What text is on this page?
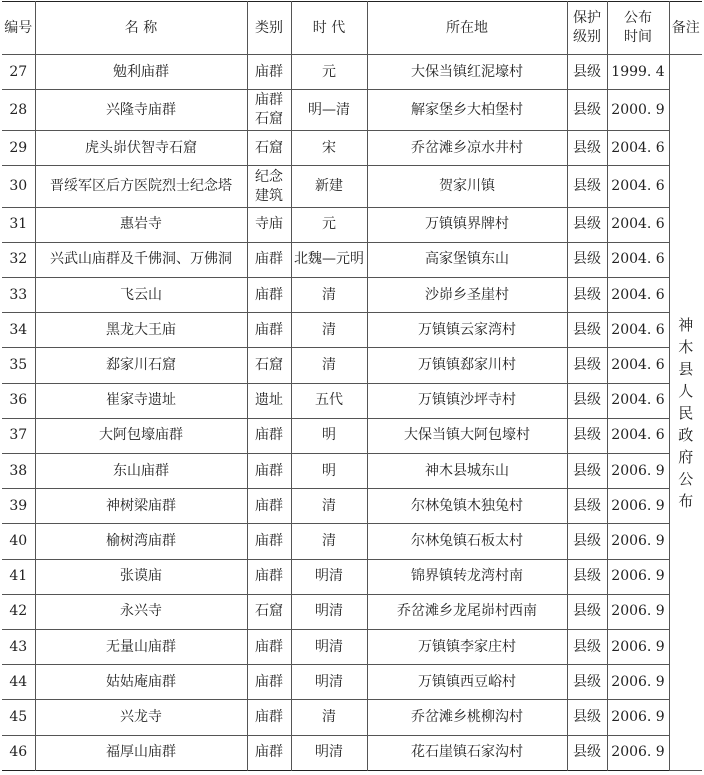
编号	名 称	类别	时 代	所在地	保护级别	公布时间	备注
27	勉利庙群	庙群	元	大保当镇红泥壕村	县级	1999. 4	神木县人民政府公布
28	兴隆寺庙群	庙群石窟	明—清	解家堡乡大柏堡村	县级	2000. 9	
29	虎头峁伏智寺石窟	石窟	宋	乔岔滩乡凉水井村	县级	2004. 6	
30	晋绥军区后方医院烈士纪念塔	纪念建筑	新建	贺家川镇	县级	2004. 6	
31	惠岩寺	寺庙	元	万镇镇界牌村	县级	2004. 6	
32	兴武山庙群及千佛洞、万佛洞	庙群	北魏—元明	高家堡镇东山	县级	2004. 6	
33	飞云山	庙群	清	沙峁乡圣崖村	县级	2004. 6	
34	黑龙大王庙	庙群	清	万镇镇云家湾村	县级	2004. 6	
35	郄家川石窟	石窟	清	万镇镇郄家川村	县级	2004. 6	
36	崔家寺遗址	遗址	五代	万镇镇沙坪寺村	县级	2004. 6	
37	大阿包壕庙群	庙群	明	大保当镇大阿包壕村	县级	2004. 6	
38	东山庙群	庙群	明	神木县城东山	县级	2006. 9	
39	神树梁庙群	庙群	清	尔林兔镇木独兔村	县级	2006. 9	
40	榆树湾庙群	庙群	清	尔林兔镇石板太村	县级	2006. 9	
41	张谟庙	庙群	明清	锦界镇转龙湾村南	县级	2006. 9	
42	永兴寺	石窟	明清	乔岔滩乡龙尾峁村西南	县级	2006. 9	
43	无量山庙群	庙群	明清	万镇镇李家庄村	县级	2006. 9	
44	姑姑庵庙群	庙群	明清	万镇镇西豆峪村	县级	2006. 9	
45	兴龙寺	庙群	清	乔岔滩乡桃柳沟村	县级	2006. 9	
46	福厚山庙群	庙群	明清	花石崖镇石家沟村	县级	2006. 9	
